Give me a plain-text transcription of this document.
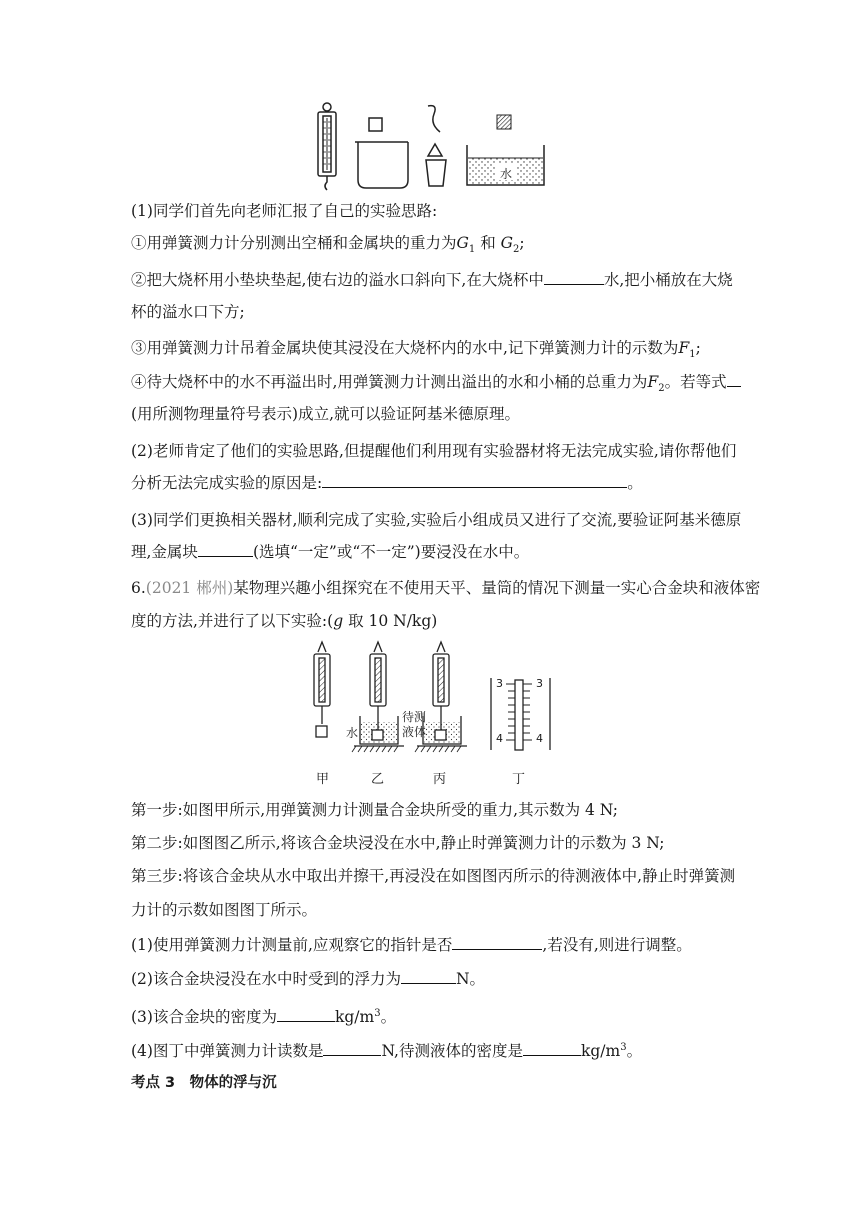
水
(1)同学们首先向老师汇报了自己的实验思路:
①用弹簧测力计分别测出空桶和金属块的重力为$G_1$ 和 $G_2$;
②把大烧杯用小垫块垫起,使右边的溢水口斜向下,在大烧杯中	水,把小桶放在大烧
杯的溢水口下方;
③用弹簧测力计吊着金属块使其浸没在大烧杯内的水中,记下弹簧测力计的示数为$F_1$;
④待大烧杯中的水不再溢出时,用弹簧测力计测出溢出的水和小桶的总重力为$F_2$。若等式
(用所测物理量符号表示)成立,就可以验证阿基米德原理。
(2)老师肯定了他们的实验思路,但提醒他们利用现有实验器材将无法完成实验,请你帮他们
分析无法完成实验的原因是:	。
(3)同学们更换相关器材,顺利完成了实验,实验后小组成员又进行了交流,要验证阿基米德原
理,金属块	(选填“一定”或“不一定”)要浸没在水中。
6.(2021 郴州)某物理兴趣小组探究在不使用天平、量筒的情况下测量一实心合金块和液体密
度的方法,并进行了以下实验:(g 取 10 N/kg)
水
待测
液体
3	3
4	4
甲	乙	丙	丁
第一步:如图甲所示,用弹簧测力计测量合金块所受的重力,其示数为 4 N;
第二步:如图图乙所示,将该合金块浸没在水中,静止时弹簧测力计的示数为 3 N;
第三步:将该合金块从水中取出并擦干,再浸没在如图图丙所示的待测液体中,静止时弹簧测
力计的示数如图图丁所示。
(1)使用弹簧测力计测量前,应观察它的指针是否	,若没有,则进行调整。
(2)该合金块浸没在水中时受到的浮力为	N。
(3)该合金块的密度为	$kg/m^3$。
(4)图丁中弹簧测力计读数是	N,待测液体的密度是	$kg/m^3$。
考点 3　物体的浮与沉
